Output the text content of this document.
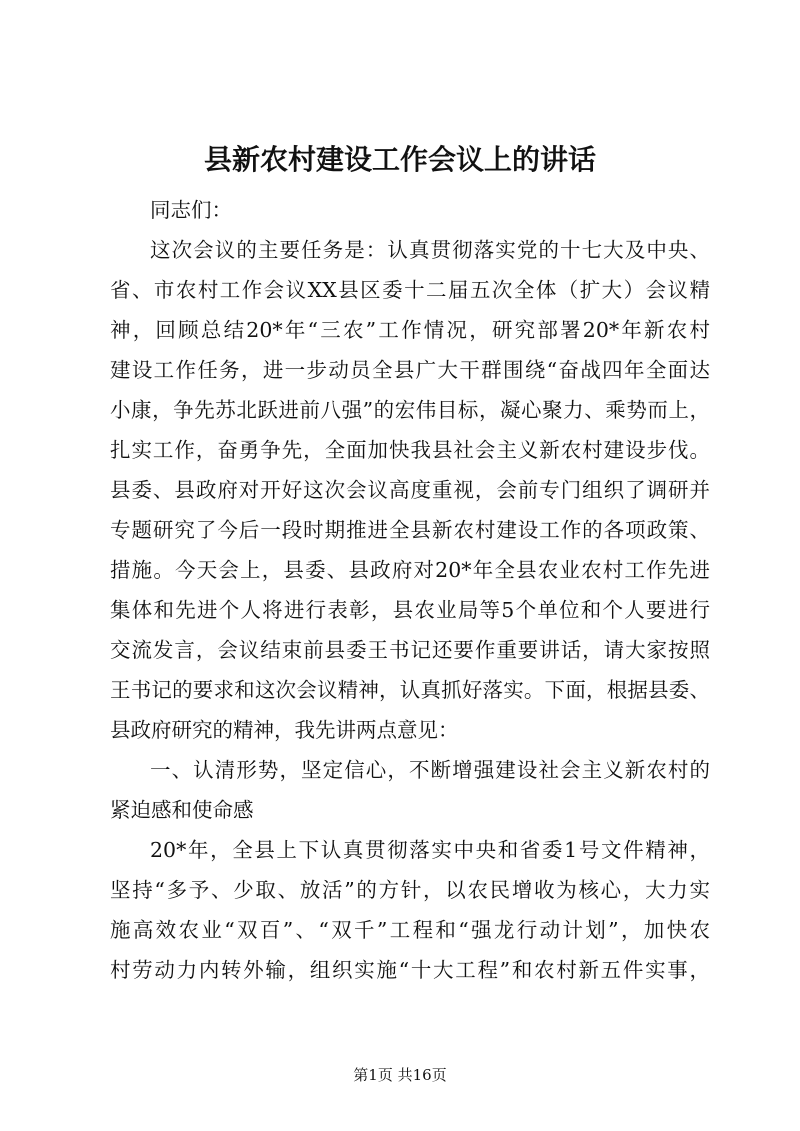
县新农村建设工作会议上的讲话
同志们：
这次会议的主要任务是：认真贯彻落实党的十七大及中央、
省、市农村工作会议XX县区委十二届五次全体（扩大）会议精
神，回顾总结20*年“三农”工作情况，研究部署20*年新农村
建设工作任务，进一步动员全县广大干群围绕“奋战四年全面达
小康，争先苏北跃进前八强”的宏伟目标，凝心聚力、乘势而上，
扎实工作，奋勇争先，全面加快我县社会主义新农村建设步伐。
县委、县政府对开好这次会议高度重视，会前专门组织了调研并
专题研究了今后一段时期推进全县新农村建设工作的各项政策、
措施。今天会上，县委、县政府对20*年全县农业农村工作先进
集体和先进个人将进行表彰，县农业局等5个单位和个人要进行
交流发言，会议结束前县委王书记还要作重要讲话，请大家按照
王书记的要求和这次会议精神，认真抓好落实。下面，根据县委、
县政府研究的精神，我先讲两点意见：
一、认清形势，坚定信心，不断增强建设社会主义新农村的
紧迫感和使命感
20*年，全县上下认真贯彻落实中央和省委1号文件精神，
坚持“多予、少取、放活”的方针，以农民增收为核心，大力实
施高效农业“双百”、“双千”工程和“强龙行动计划”，加快农
村劳动力内转外输，组织实施“十大工程”和农村新五件实事，
第1页 共16页
